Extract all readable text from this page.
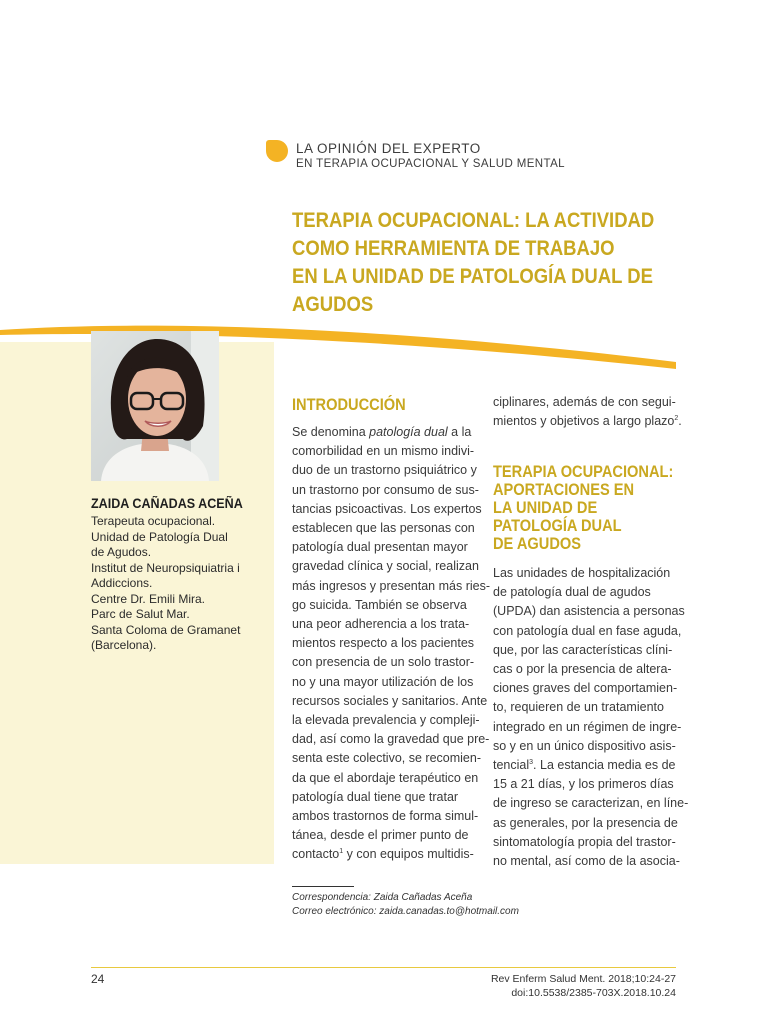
LA OPINIÓN DEL EXPERTO
EN TERAPIA OCUPACIONAL Y SALUD MENTAL
TERAPIA OCUPACIONAL: LA ACTIVIDAD
COMO HERRAMIENTA DE TRABAJO
EN LA UNIDAD DE PATOLOGÍA DUAL DE
AGUDOS
ZAIDA CAÑADAS ACEÑA
Terapeuta ocupacional.
Unidad de Patología Dual
de Agudos.
Institut de Neuropsiquiatria i
Addiccions.
Centre Dr. Emili Mira.
Parc de Salut Mar.
Santa Coloma de Gramanet
(Barcelona).
INTRODUCCIÓN
Se denomina patología dual a la
comorbilidad en un mismo indivi-
duo de un trastorno psiquiátrico y
un trastorno por consumo de sus-
tancias psicoactivas. Los expertos
establecen que las personas con
patología dual presentan mayor
gravedad clínica y social, realizan
más ingresos y presentan más ries-
go suicida. También se observa
una peor adherencia a los trata-
mientos respecto a los pacientes
con presencia de un solo trastor-
no y una mayor utilización de los
recursos sociales y sanitarios. Ante
la elevada prevalencia y compleji-
dad, así como la gravedad que pre-
senta este colectivo, se recomien-
da que el abordaje terapéutico en
patología dual tiene que tratar
ambos trastornos de forma simul-
tánea, desde el primer punto de
contacto$^1$ y con equipos multidis-
ciplinares, además de con segui-
mientos y objetivos a largo plazo$^2$.
TERAPIA OCUPACIONAL:
APORTACIONES EN
LA UNIDAD DE
PATOLOGÍA DUAL
DE AGUDOS
Las unidades de hospitalización
de patología dual de agudos
(UPDA) dan asistencia a personas
con patología dual en fase aguda,
que, por las características clíni-
cas o por la presencia de altera-
ciones graves del comportamien-
to, requieren de un tratamiento
integrado en un régimen de ingre-
so y en un único dispositivo asis-
tencial$^3$. La estancia media es de
15 a 21 días, y los primeros días
de ingreso se caracterizan, en líne-
as generales, por la presencia de
sintomatología propia del trastor-
no mental, así como de la asocia-
Correspondencia: Zaida Cañadas Aceña
Correo electrónico: zaida.canadas.to@hotmail.com
24	Rev Enferm Salud Ment. 2018;10:24-27
doi:10.5538/2385-703X.2018.10.24
